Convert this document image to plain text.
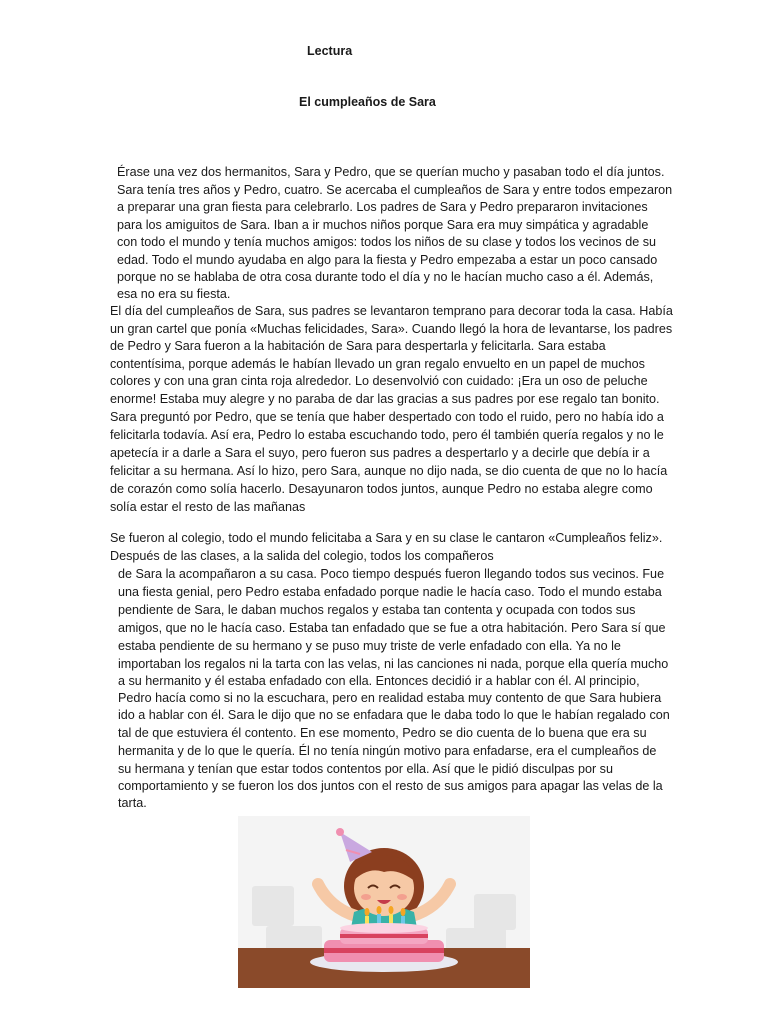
Lectura
El cumpleaños de Sara
Érase una vez dos hermanitos, Sara y Pedro, que se querían mucho y pasaban todo el día juntos.
Sara tenía tres años y Pedro, cuatro. Se acercaba el cumpleaños de Sara y entre todos empezaron
a preparar una gran fiesta para celebrarlo. Los padres de Sara y Pedro prepararon invitaciones
para los amiguitos de Sara. Iban a ir muchos niños porque Sara era muy simpática y agradable
con todo el mundo y tenía muchos amigos: todos los niños de su clase y todos los vecinos de su
edad. Todo el mundo ayudaba en algo para la fiesta y Pedro empezaba a estar un poco cansado
porque no se hablaba de otra cosa durante todo el día y no le hacían mucho caso a él. Además,
esa no era su fiesta.
El día del cumpleaños de Sara, sus padres se levantaron temprano para decorar toda la casa. Había
un gran cartel que ponía «Muchas felicidades, Sara». Cuando llegó la hora de levantarse, los padres
de Pedro y Sara fueron a la habitación de Sara para despertarla y felicitarla. Sara estaba
contentísima, porque además le habían llevado un gran regalo envuelto en un papel de muchos
colores y con una gran cinta roja alrededor. Lo desenvolvió con cuidado: ¡Era un oso de peluche
enorme! Estaba muy alegre y no paraba de dar las gracias a sus padres por ese regalo tan bonito.
Sara preguntó por Pedro, que se tenía que haber despertado con todo el ruido, pero no había ido a
felicitarla todavía. Así era, Pedro lo estaba escuchando todo, pero él también quería regalos y no le
apetecía ir a darle a Sara el suyo, pero fueron sus padres a despertarlo y a decirle que debía ir a
felicitar a su hermana. Así lo hizo, pero Sara, aunque no dijo nada, se dio cuenta de que no lo hacía
de corazón como solía hacerlo. Desayunaron todos juntos, aunque Pedro no estaba alegre como
solía estar el resto de las mañanas
Se fueron al colegio, todo el mundo felicitaba a Sara y en su clase le cantaron «Cumpleaños feliz».
Después de las clases, a la salida del colegio, todos los compañeros
de Sara la acompañaron a su casa. Poco tiempo después fueron llegando todos sus vecinos. Fue
una fiesta genial, pero Pedro estaba enfadado porque nadie le hacía caso. Todo el mundo estaba
pendiente de Sara, le daban muchos regalos y estaba tan contenta y ocupada con todos sus
amigos, que no le hacía caso. Estaba tan enfadado que se fue a otra habitación. Pero Sara sí que
estaba pendiente de su hermano y se puso muy triste de verle enfadado con ella. Ya no le
importaban los regalos ni la tarta con las velas, ni las canciones ni nada, porque ella quería mucho
a su hermanito y él estaba enfadado con ella. Entonces decidió ir a hablar con él. Al principio,
Pedro hacía como si no la escuchara, pero en realidad estaba muy contento de que Sara hubiera
ido a hablar con él. Sara le dijo que no se enfadara que le daba todo lo que le habían regalado con
tal de que estuviera él contento. En ese momento, Pedro se dio cuenta de lo buena que era su
hermanita y de lo que le quería. Él no tenía ningún motivo para enfadarse, era el cumpleaños de
su hermana y tenían que estar todos contentos por ella. Así que le pidió disculpas por su
comportamiento y se fueron los dos juntos con el resto de sus amigos para apagar las velas de la
tarta.
